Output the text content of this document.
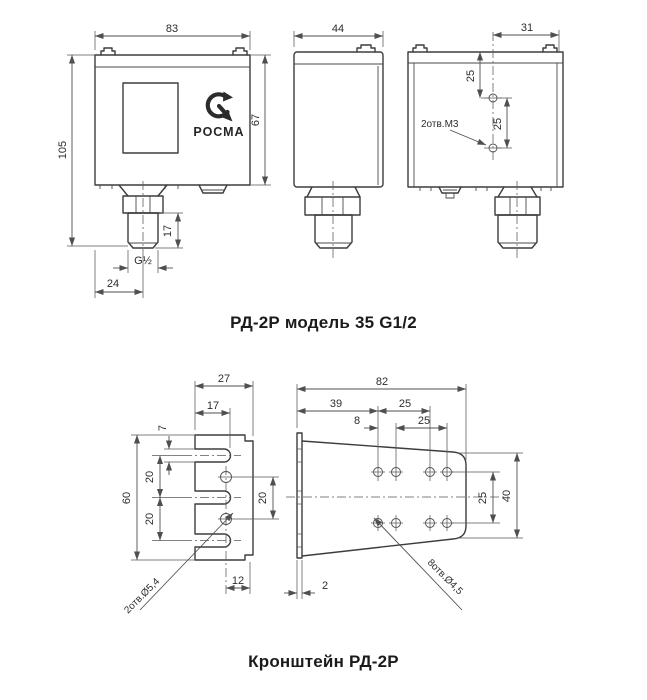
РОСМА
83
105
67
17
G½
24
44	31
25
25
2отв.М3
27
17
7
60
20
20
20
12
2отв.Ø5,4
82
39	25
8	25
25 40
2	8отв.Ø4,5
РД-2Р модель 35 G1/2
Кронштейн РД-2Р
